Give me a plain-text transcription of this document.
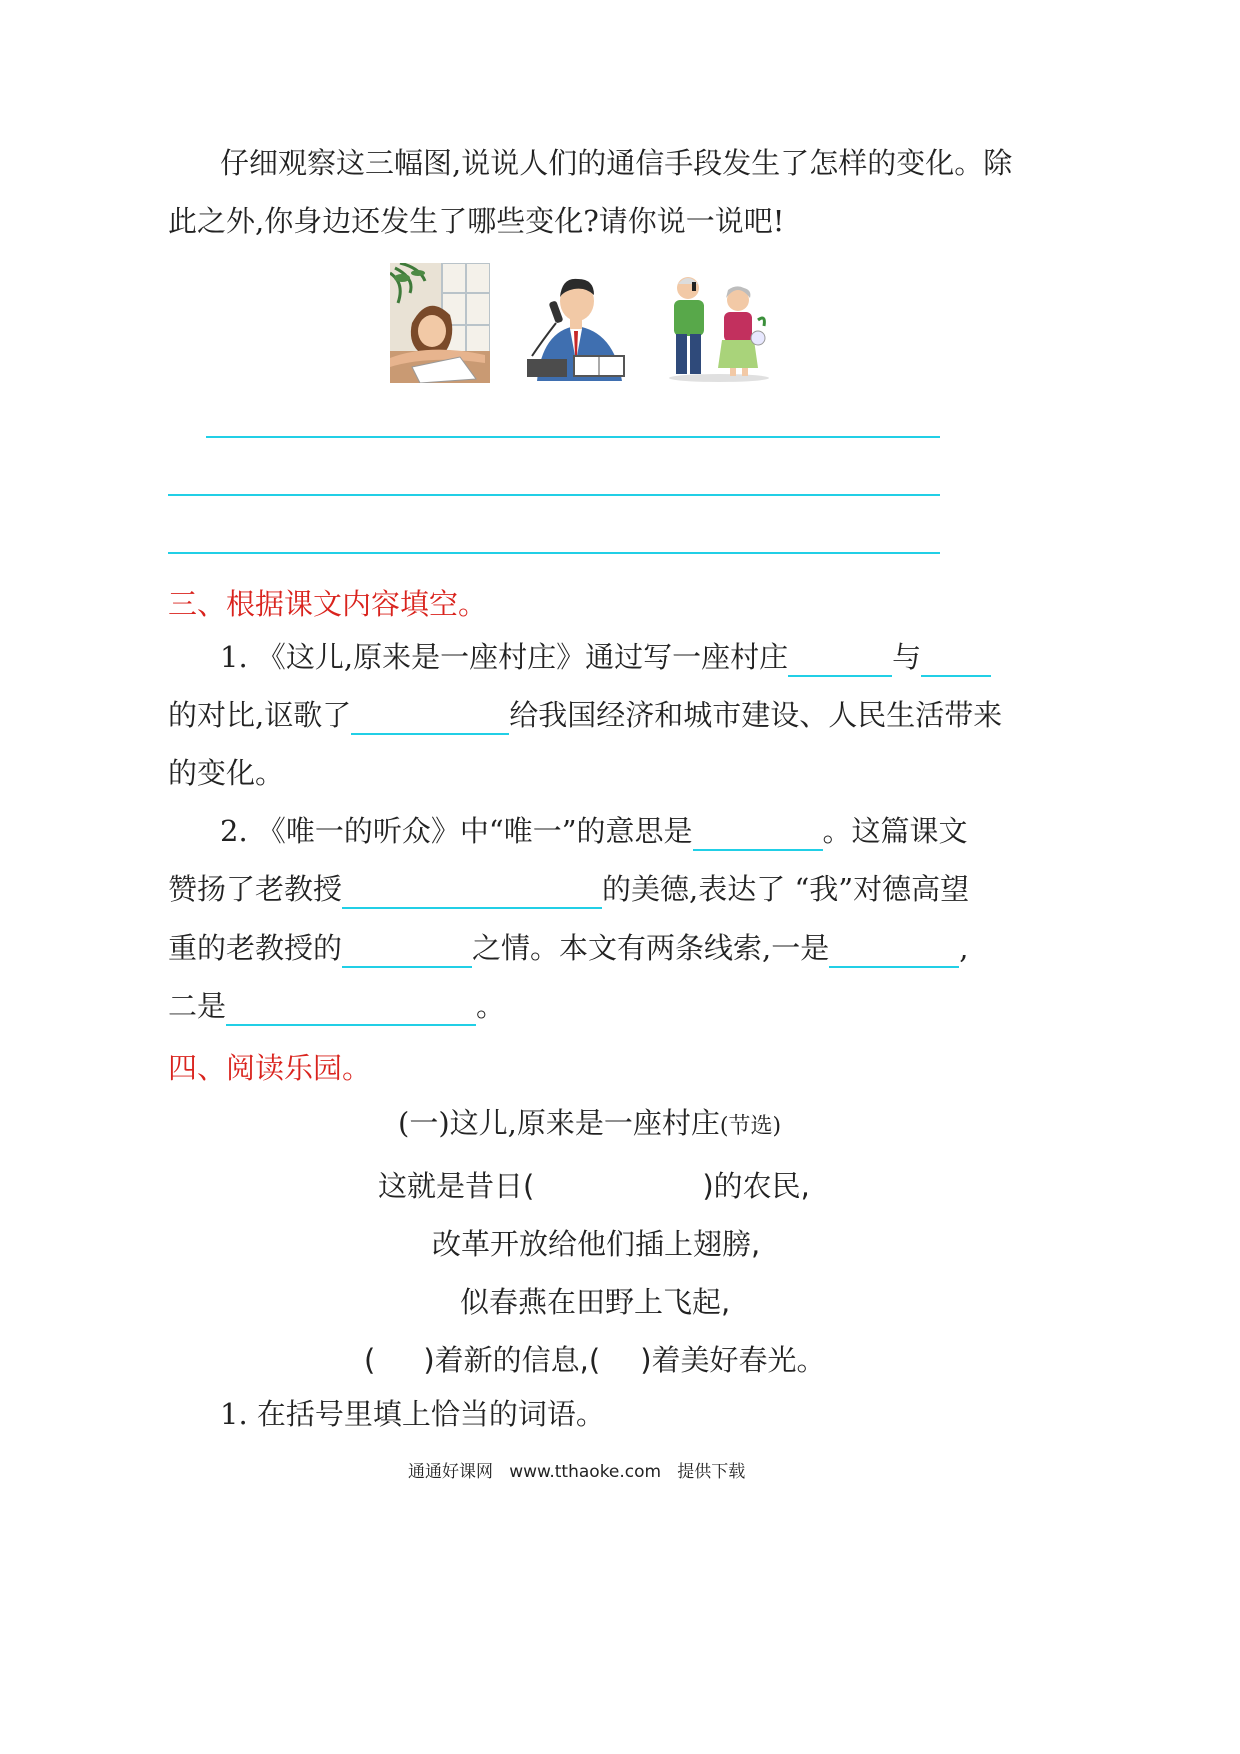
仔细观察这三幅图,说说人们的通信手段发生了怎样的变化。除
此之外,你身边还发生了哪些变化?请你说一说吧!
三、根据课文内容填空。
1. 《这儿,原来是一座村庄》通过写一座村庄	与
的对比,讴歌了	给我国经济和城市建设、人民生活带来
的变化。
2. 《唯一的听众》中“唯一”的意思是	。这篇课文
赞扬了老教授	的美德,表达了 “我”对德高望
重的老教授的	之情。本文有两条线索,一是	,
二是	。
四、阅读乐园。
(一)这儿,原来是一座村庄(节选)
这就是昔日(	)的农民,
改革开放给他们插上翅膀,
似春燕在田野上飞起,
( )着新的信息,( )着美好春光。
1. 在括号里填上恰当的词语。
通通好课网   www.tthaoke.com   提供下载
